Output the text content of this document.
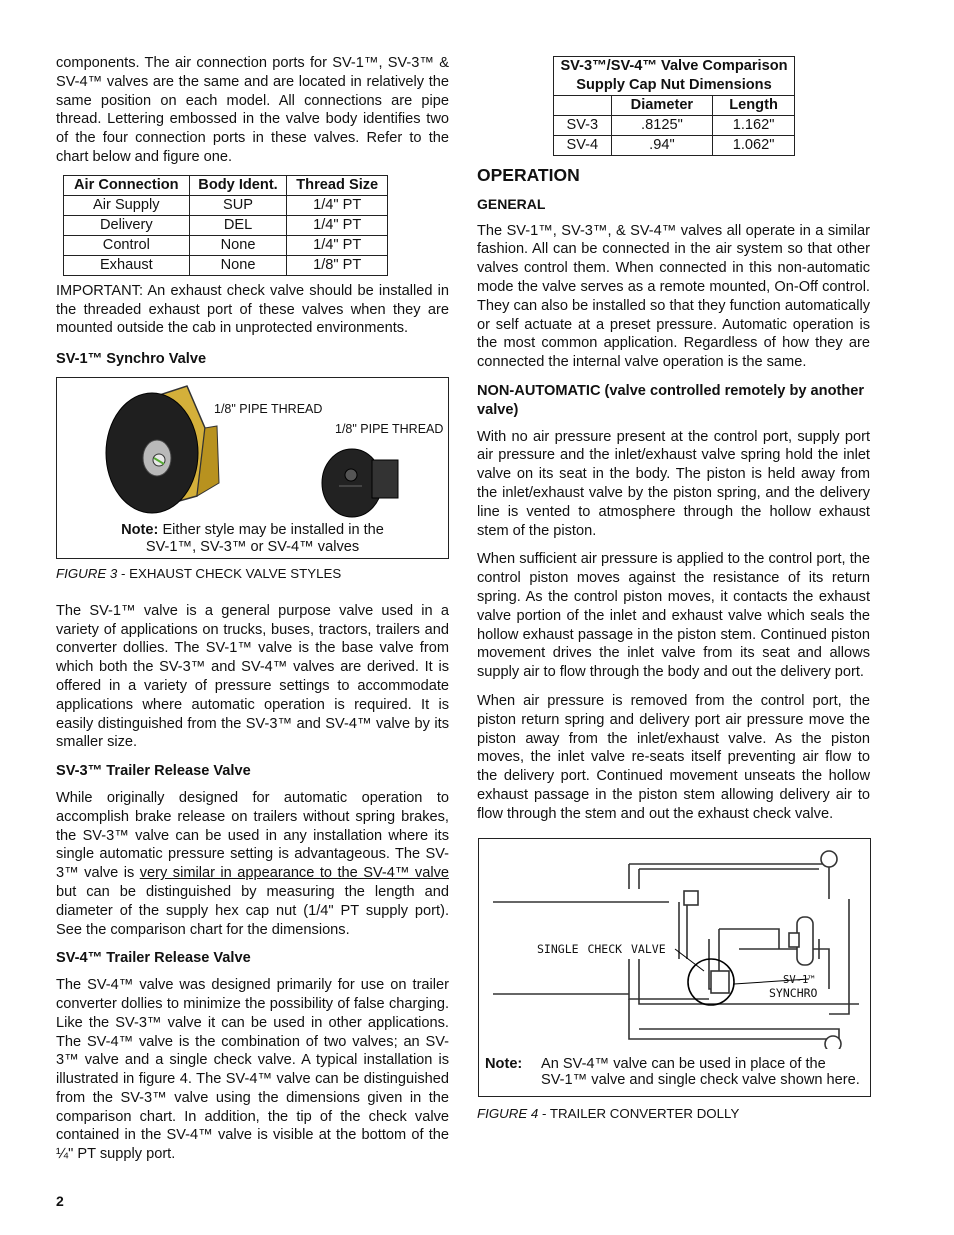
components. The air connection ports for SV-1™, SV-3™ & SV-4™ valves are the same and are located in relatively the same position on each model. All connections are pipe thread. Lettering embossed in the valve body identifies two of the four connection ports in these valves. Refer to the chart below and figure one.

Air Connection	Body Ident.	Thread Size
Air Supply	SUP	1/4" PT
Delivery	DEL	1/4" PT
Control	None	1/4" PT
Exhaust	None	1/8" PT

IMPORTANT: An exhaust check valve should be installed in the threaded exhaust port of these valves when they are mounted outside the cab in unprotected environments.

SV-1™ Synchro Valve
1/8" PIPE THREAD
1/8" PIPE THREAD
Note: Either style may be installed in the
SV-1™, SV-3™ or SV-4™ valves
FIGURE 3 - EXHAUST CHECK VALVE STYLES

The SV-1™ valve is a general purpose valve used in a variety of applications on trucks, buses, tractors, trailers and converter dollies. The SV-1™ valve is the base valve from which both the SV-3™ and SV-4™ valves are derived. It is offered in a variety of pressure settings to accommodate applications where automatic operation is required. It is easily distinguished from the SV-3™ and SV-4™ valve by its smaller size.

SV-3™ Trailer Release Valve

While originally designed for automatic operation to accomplish brake release on trailers without spring brakes, the SV-3™ valve can be used in any installation where its single automatic pressure setting is advantageous. The SV-3™ valve is very similar in appearance to the SV-4™ valve but can be distinguished by measuring the length and diameter of the supply hex cap nut (1/4" PT supply port). See the comparison chart for the dimensions.

SV-4™ Trailer Release Valve

The SV-4™ valve was designed primarily for use on trailer converter dollies to minimize the possibility of false charging. Like the SV-3™ valve it can be used in other applications. The SV-4™ valve is the combination of two valves; an SV-3™ valve and a single check valve. A typical installation is illustrated in figure 4. The SV-4™ valve can be distinguished from the SV-3™ valve using the dimensions given in the comparison chart. In addition, the tip of the check valve contained in the SV-4™ valve is visible at the bottom of the ¼" PT supply port.

SV-3™/SV-4™ Valve Comparison
Supply Cap Nut Dimensions		

	Diameter	Length
SV-3	.8125"	1.162"
SV-4	.94"	1.062"
OPERATION
GENERAL

The SV-1™, SV-3™, & SV-4™ valves all operate in a similar fashion. All can be connected in the air system so that other valves control them. When connected in this non-automatic mode the valve serves as a remote mounted, On-Off control. They can also be installed so that they function automatically or self actuate at a preset pressure. Automatic operation is the most common application. Regardless of how they are connected the internal valve operation is the same.

NON-AUTOMATIC (valve controlled remotely by another valve)

With no air pressure present at the control port, supply port air pressure and the inlet/exhaust valve spring hold the inlet valve on its seat in the body. The piston is held away from the inlet/exhaust valve by the piston spring, and the delivery line is vented to atmosphere through the hollow exhaust stem of the piston.

When sufficient air pressure is applied to the control port, the control piston moves against the resistance of its return spring. As the control piston moves, it contacts the exhaust valve portion of the inlet and exhaust valve which seals the hollow exhaust passage in the piston stem. Continued piston movement drives the inlet valve from its seat and allows supply air to flow through the body and out the delivery port.

When air pressure is removed from the control port, the piston return spring and delivery port air pressure move the piston away from the inlet/exhaust valve. As the piston moves, the inlet valve re-seats itself preventing air flow to the delivery port. Continued movement unseats the hollow exhaust passage in the piston stem allowing delivery air to flow through the stem and out the exhaust check valve.

SINGLE CHECK VALVE
SV-1™
SYNCHRO
Note: An SV-4™ valve can be used in place of the
SV-1™ valve and single check valve shown here.
FIGURE 4 - TRAILER CONVERTER DOLLY
2
